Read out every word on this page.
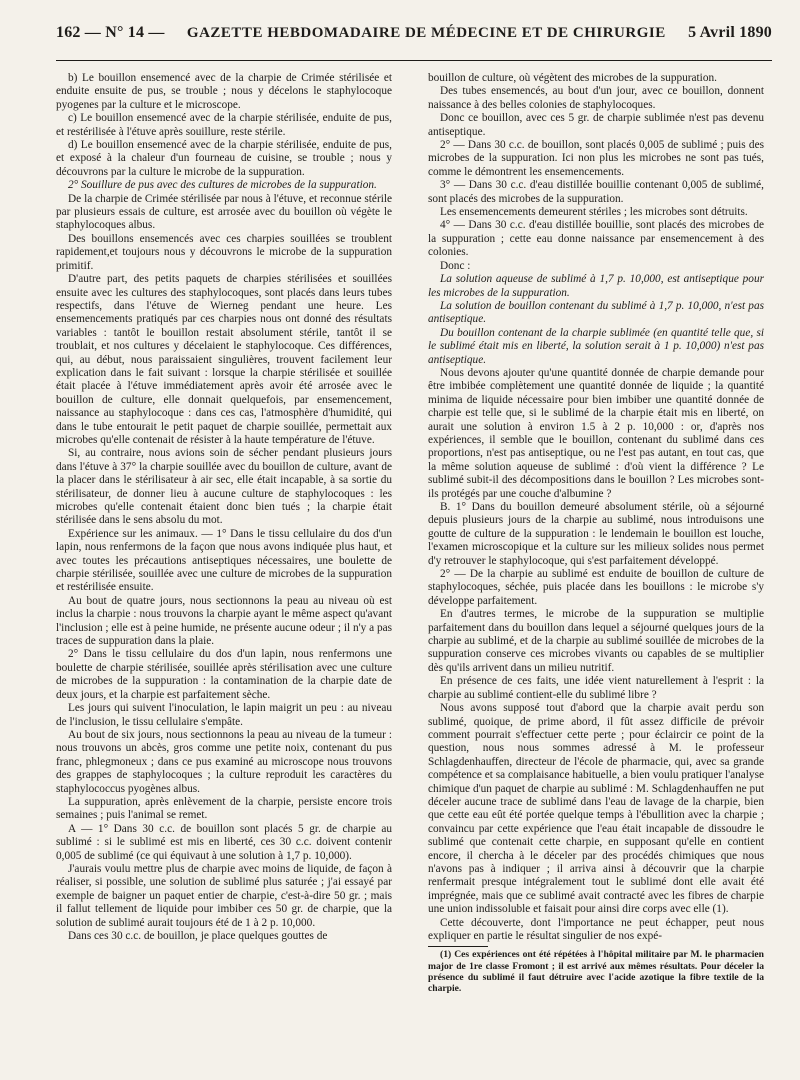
162 — N° 14 — GAZETTE HEBDOMADAIRE DE MÉDECINE ET DE CHIRURGIE 5 Avril 1890

b) Le bouillon ensemencé avec de la charpie de Crimée stérilisée et enduite ensuite de pus, se trouble ; nous y décelons le staphylocoque pyogenes par la culture et le microscope.

c) Le bouillon ensemencé avec de la charpie stérilisée, enduite de pus, et restérilisée à l'étuve après souillure, reste stérile.

d) Le bouillon ensemencé avec de la charpie stérilisée, enduite de pus, et exposé à la chaleur d'un fourneau de cuisine, se trouble ; nous y découvrons par la culture le microbe de la suppuration.

2° Souillure de pus avec des cultures de microbes de la suppuration.

De la charpie de Crimée stérilisée par nous à l'étuve, et reconnue stérile par plusieurs essais de culture, est arrosée avec du bouillon où végète le staphylocoques albus.

Des bouillons ensemencés avec ces charpies souillées se troublent rapidement,et toujours nous y découvrons le microbe de la suppuration primitif.

D'autre part, des petits paquets de charpies stérilisées et souillées ensuite avec les cultures des staphylocoques, sont placés dans leurs tubes respectifs, dans l'étuve de Wierneg pendant une heure. Les ensemencements pratiqués par ces charpies nous ont donné des résultats variables : tantôt le bouillon restait absolument stérile, tantôt il se troublait, et nos cultures y décelaient le staphylocoque. Ces différences, qui, au début, nous paraissaient singulières, trouvent facilement leur explication dans le fait suivant : lorsque la charpie stérilisée et souillée était placée à l'étuve immédiatement après avoir été arrosée avec le bouillon de culture, elle donnait quelquefois, par ensemencement, naissance au staphylocoque : dans ces cas, l'atmosphère d'humidité, qui dans le tube entourait le petit paquet de charpie souillée, permettait aux microbes qu'elle contenait de résister à la haute température de l'étuve.

Si, au contraire, nous avions soin de sécher pendant plusieurs jours dans l'étuve à 37° la charpie souillée avec du bouillon de culture, avant de la placer dans le stérilisateur à air sec, elle était incapable, à sa sortie du stérilisateur, de donner lieu à aucune culture de staphylocoques : les microbes qu'elle contenait étaient donc bien tués ; la charpie était stérilisée dans le sens absolu du mot.

Expérience sur les animaux. — 1° Dans le tissu cellulaire du dos d'un lapin, nous renfermons de la façon que nous avons indiquée plus haut, et avec toutes les précautions antiseptiques nécessaires, une boulette de charpie stérilisée, souillée avec une culture de microbes de la suppuration et restérilisée ensuite.

Au bout de quatre jours, nous sectionnons la peau au niveau où est inclus la charpie : nous trouvons la charpie ayant le même aspect qu'avant l'inclusion ; elle est à peine humide, ne présente aucune odeur ; il n'y a pas traces de suppuration dans la plaie.

2° Dans le tissu cellulaire du dos d'un lapin, nous renfermons une boulette de charpie stérilisée, souillée après stérilisation avec une culture de microbes de la suppuration : la contamination de la charpie date de deux jours, et la charpie est parfaitement sèche.

Les jours qui suivent l'inoculation, le lapin maigrit un peu : au niveau de l'inclusion, le tissu cellulaire s'empâte.

Au bout de six jours, nous sectionnons la peau au niveau de la tumeur : nous trouvons un abcès, gros comme une petite noix, contenant du pus franc, phlegmoneux ; dans ce pus examiné au microscope nous trouvons des grappes de staphylocoques ; la culture reproduit les caractères du staphylococcus pyogènes albus.

La suppuration, après enlèvement de la charpie, persiste encore trois semaines ; puis l'animal se remet.

A — 1° Dans 30 c.c. de bouillon sont placés 5 gr. de charpie au sublimé : si le sublimé est mis en liberté, ces 30 c.c. doivent contenir 0,005 de sublimé (ce qui équivaut à une solution à 1,7 p. 10,000).

J'aurais voulu mettre plus de charpie avec moins de liquide, de façon à réaliser, si possible, une solution de sublimé plus saturée ; j'ai essayé par exemple de baigner un paquet entier de charpie, c'est-à-dire 50 gr. ; mais il fallut tellement de liquide pour imbiber ces 50 gr. de charpie, que la solution de sublimé aurait toujours été de 1 à 2 p. 10,000.

Dans ces 30 c.c. de bouillon, je place quelques gouttes de

bouillon de culture, où végètent des microbes de la suppuration.

Des tubes ensemencés, au bout d'un jour, avec ce bouillon, donnent naissance à des belles colonies de staphylocoques.

Donc ce bouillon, avec ces 5 gr. de charpie sublimée n'est pas devenu antiseptique.

2° — Dans 30 c.c. de bouillon, sont placés 0,005 de sublimé ; puis des microbes de la suppuration. Ici non plus les microbes ne sont pas tués, comme le démontrent les ensemencements.

3° — Dans 30 c.c. d'eau distillée bouillie contenant 0,005 de sublimé, sont placés des microbes de la suppuration.

Les ensemencements demeurent stériles ; les microbes sont détruits.

4° — Dans 30 c.c. d'eau distillée bouillie, sont placés des microbes de la suppuration ; cette eau donne naissance par ensemencement à des colonies.

Donc :

La solution aqueuse de sublimé à 1,7 p. 10,000, est antiseptique pour les microbes de la suppuration.

La solution de bouillon contenant du sublimé à 1,7 p. 10,000, n'est pas antiseptique.

Du bouillon contenant de la charpie sublimée (en quantité telle que, si le sublimé était mis en liberté, la solution serait à 1 p. 10,000) n'est pas antiseptique.

Nous devons ajouter qu'une quantité donnée de charpie demande pour être imbibée complètement une quantité donnée de liquide ; la quantité minima de liquide nécessaire pour bien imbiber une quantité donnée de charpie est telle que, si le sublimé de la charpie était mis en liberté, on aurait une solution à environ 1.5 à 2 p. 10,000 : or, d'après nos expériences, il semble que le bouillon, contenant du sublimé dans ces proportions, n'est pas antiseptique, ou ne l'est pas autant, en tout cas, que la même solution aqueuse de sublimé : d'où vient la différence ? Le sublimé subit-il des décompositions dans le bouillon ? Les microbes sont-ils protégés par une couche d'albumine ?

B. 1° Dans du bouillon demeuré absolument stérile, où a séjourné depuis plusieurs jours de la charpie au sublimé, nous introduisons une goutte de culture de la suppuration : le lendemain le bouillon est louche, l'examen microscopique et la culture sur les milieux solides nous permet d'y retrouver le staphylocoque, qui s'est parfaitement développé.

2° — De la charpie au sublimé est enduite de bouillon de culture de staphylocoques, séchée, puis placée dans les bouillons : le microbe s'y développe parfaitement.

En d'autres termes, le microbe de la suppuration se multiplie parfaitement dans du bouillon dans lequel a séjourné quelques jours de la charpie au sublimé, et de la charpie au sublimé souillée de microbes de la suppuration conserve ces microbes vivants ou capables de se multiplier dès qu'ils arrivent dans un milieu nutritif.

En présence de ces faits, une idée vient naturellement à l'esprit : la charpie au sublimé contient-elle du sublimé libre ?

Nous avons supposé tout d'abord que la charpie avait perdu son sublimé, quoique, de prime abord, il fût assez difficile de prévoir comment pourrait s'effectuer cette perte ; pour éclaircir ce point de la question, nous nous sommes adressé à M. le professeur Schlagdenhauffen, directeur de l'école de pharmacie, qui, avec sa grande compétence et sa complaisance habituelle, a bien voulu pratiquer l'analyse chimique d'un paquet de charpie au sublimé : M. Schlagdenhauffen ne put déceler aucune trace de sublimé dans l'eau de lavage de la charpie, bien que cette eau eût été portée quelque temps à l'ébullition avec la charpie ; convaincu par cette expérience que l'eau était incapable de dissoudre le sublimé que contenait cette charpie, en supposant qu'elle en contient encore, il chercha à le déceler par des procédés chimiques que nous n'avons pas à indiquer ; il arriva ainsi à découvrir que la charpie renfermait presque intégralement tout le sublimé dont elle avait été imprégnée, mais que ce sublimé avait contracté avec les fibres de charpie une union indissoluble et faisait pour ainsi dire corps avec elle (1).

Cette découverte, dont l'importance ne peut échapper, peut nous expliquer en partie le résultat singulier de nos expé-

(1) Ces expériences ont été répétées à l'hôpital militaire par M. le pharmacien major de 1re classe Fromont ; il est arrivé aux mêmes résultats. Pour déceler la présence du sublimé il faut détruire avec l'acide azotique la fibre textile de la charpie.
